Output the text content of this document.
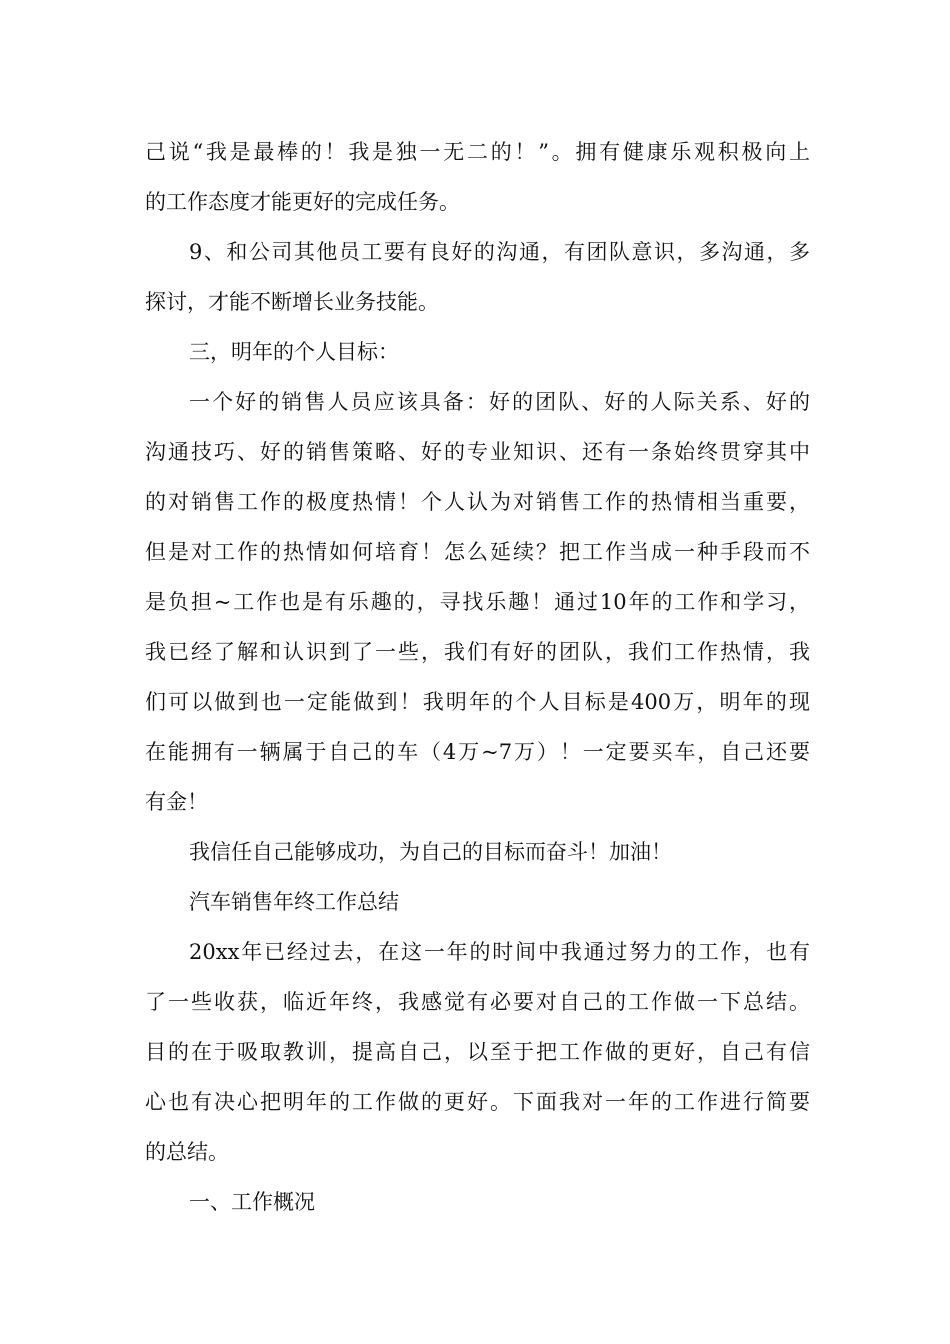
己说“我是最棒的！我是独一无二的！”。拥有健康乐观积极向上
的工作态度才能更好的完成任务。
9、和公司其他员工要有良好的沟通，有团队意识，多沟通，多
探讨，才能不断增长业务技能。
三，明年的个人目标：
一个好的销售人员应该具备：好的团队、好的人际关系、好的
沟通技巧、好的销售策略、好的专业知识、还有一条始终贯穿其中
的对销售工作的极度热情！个人认为对销售工作的热情相当重要，
但是对工作的热情如何培育！怎么延续？把工作当成一种手段而不
是负担~工作也是有乐趣的，寻找乐趣！通过10年的工作和学习，
我已经了解和认识到了一些，我们有好的团队，我们工作热情，我
们可以做到也一定能做到！我明年的个人目标是400万，明年的现
在能拥有一辆属于自己的车（4万~7万）！一定要买车，自己还要
有金！
我信任自己能够成功，为自己的目标而奋斗！加油！
汽车销售年终工作总结
20xx年已经过去，在这一年的时间中我通过努力的工作，也有
了一些收获，临近年终，我感觉有必要对自己的工作做一下总结。
目的在于吸取教训，提高自己，以至于把工作做的更好，自己有信
心也有决心把明年的工作做的更好。下面我对一年的工作进行简要
的总结。
一、工作概况
